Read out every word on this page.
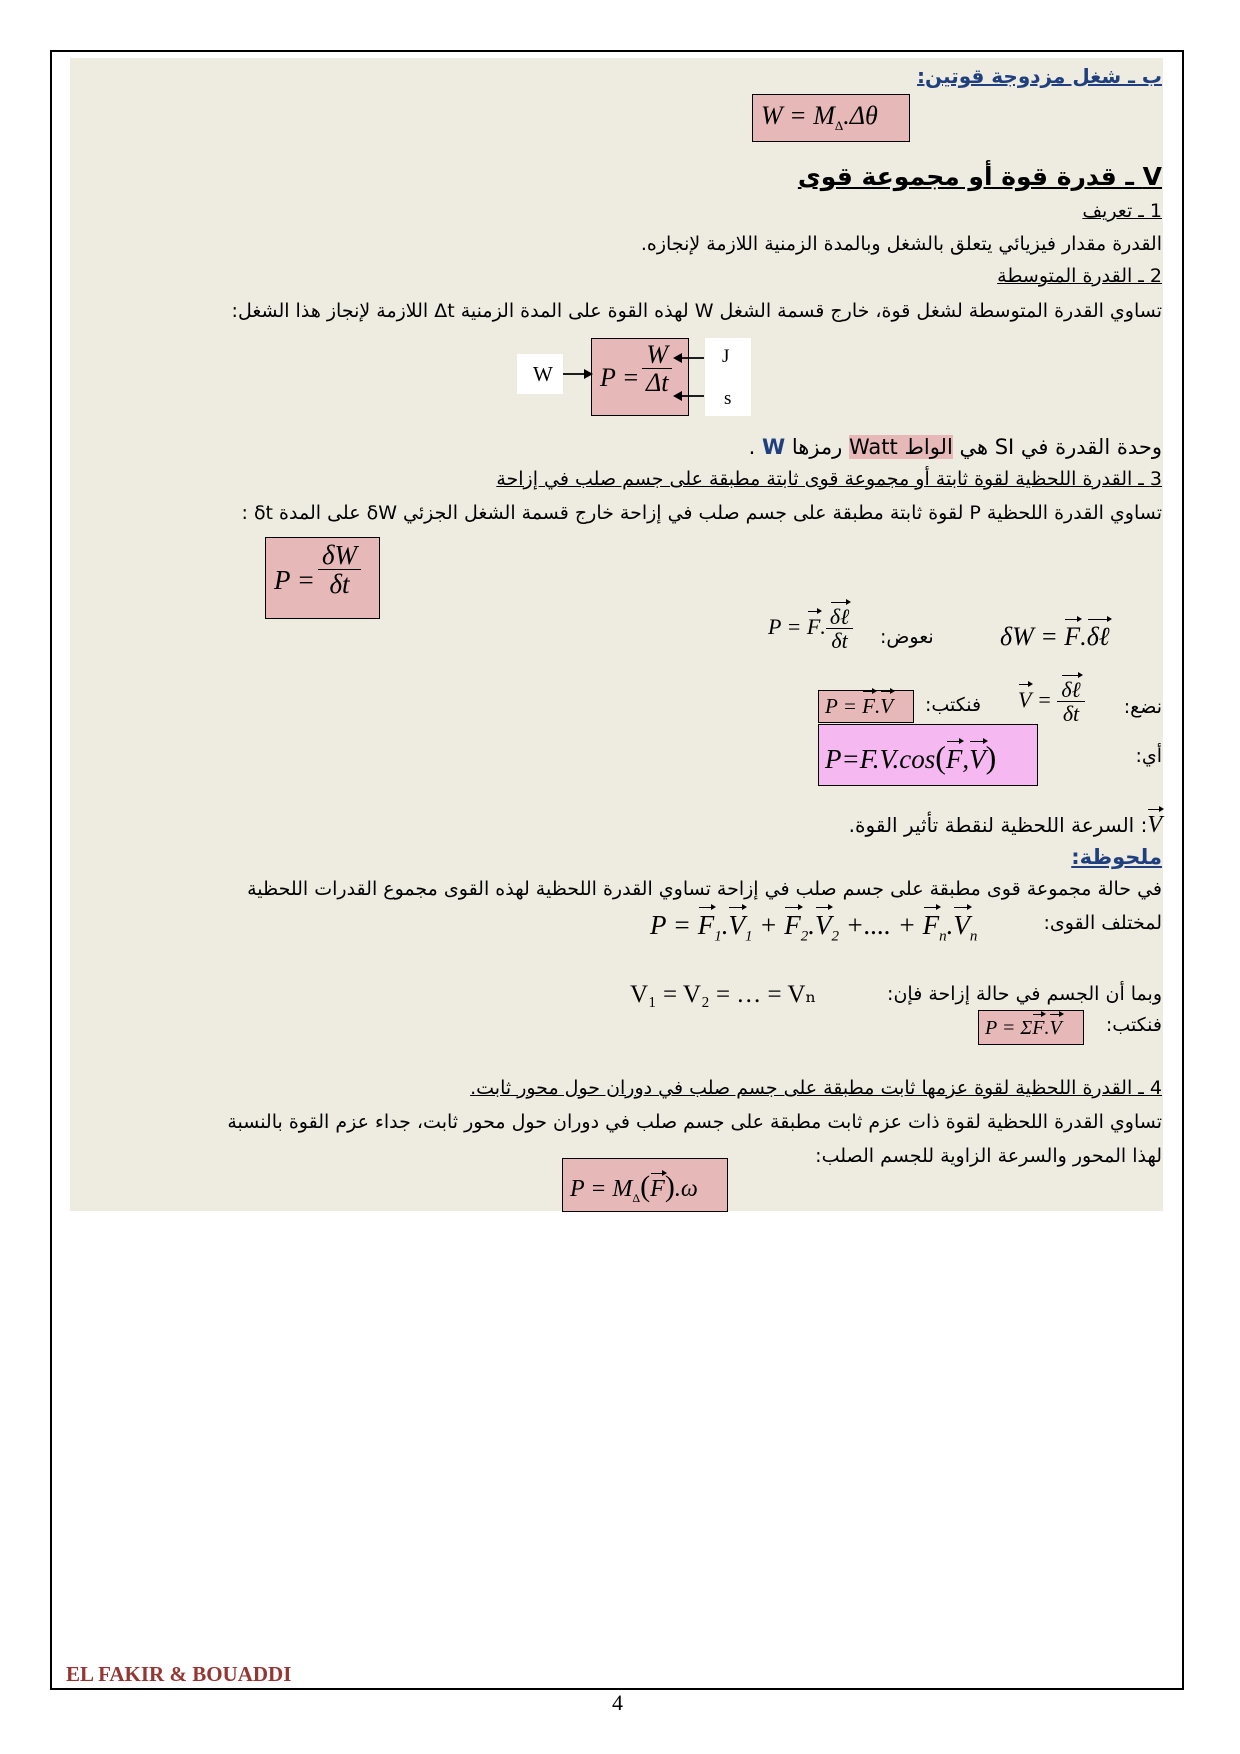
ب ـ شغل مزدوجة قوتين:
$W = M_\Delta.\Delta\theta$
V ـ قدرة قوة أو مجموعة قوى
1 ـ تعريف
القدرة مقدار فيزيائي يتعلق بالشغل وبالمدة الزمنية اللازمة لإنجازه.
2 ـ القدرة المتوسطة
تساوي القدرة المتوسطة لشغل قوة، خارج قسمة الشغل W لهذه القوة على المدة الزمنية Δt اللازمة لإنجاز هذا الشغل:
W
J
s
$P = \frac{W}{\Delta t}$
وحدة القدرة في SI هي الواط Watt رمزها W .
3 ـ القدرة اللحظية لقوة ثابتة أو مجموعة قوى ثابتة مطبقة على جسم صلب في إزاحة
تساوي القدرة اللحظية P لقوة ثابتة مطبقة على جسم صلب في إزاحة خارج قسمة الشغل الجزئي δW على المدة δt :
$P = \frac{\delta W}{\delta t}$
δW = F.δℓ
نعوض:
P = F. $\frac{\text{δℓ}}{\delta t}$
نضع:
$V = \frac{\text{δℓ}}{\delta t}$
فنكتب:
P = F.V
P=F.V.cos(F,V)	أي:
V: السرعة اللحظية لنقطة تأثير القوة.
ملحوظة:
في حالة مجموعة قوى مطبقة على جسم صلب في إزاحة تساوي القدرة اللحظية لهذه القوى مجموع القدرات اللحظية
لمختلف القوى:
$P = F_1.V_1 + F_2.V_2$ +.... + $F_n.V_n$
وبما أن الجسم في حالة إزاحة فإن:
V₁ = V₂ = … = Vₙ
فنكتب:
P = ΣF.V
4 ـ القدرة اللحظية لقوة عزمها ثابت مطبقة على جسم صلب في دوران حول محور ثابت.
تساوي القدرة اللحظية لقوة ذات عزم ثابت مطبقة على جسم صلب في دوران حول محور ثابت، جداء عزم القوة بالنسبة
لهذا المحور والسرعة الزاوية للجسم الصلب:
$P = M_\Delta(F).\omega$
EL FAKIR & BOUADDI
4
